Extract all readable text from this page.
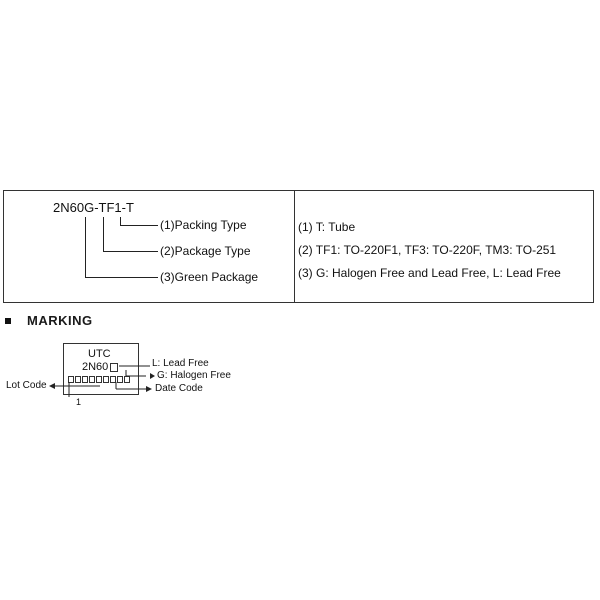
2N60G-TF1-T
(1)Packing Type
(2)Package Type
(3)Green Package
(1) T: Tube
(2) TF1: TO-220F1, TF3: TO-220F, TM3: TO-251
(3) G: Halogen Free and Lead Free, L: Lead Free
MARKING
UTC
2N60	L: Lead Free
G: Halogen Free
Lot Code	Date Code
1
